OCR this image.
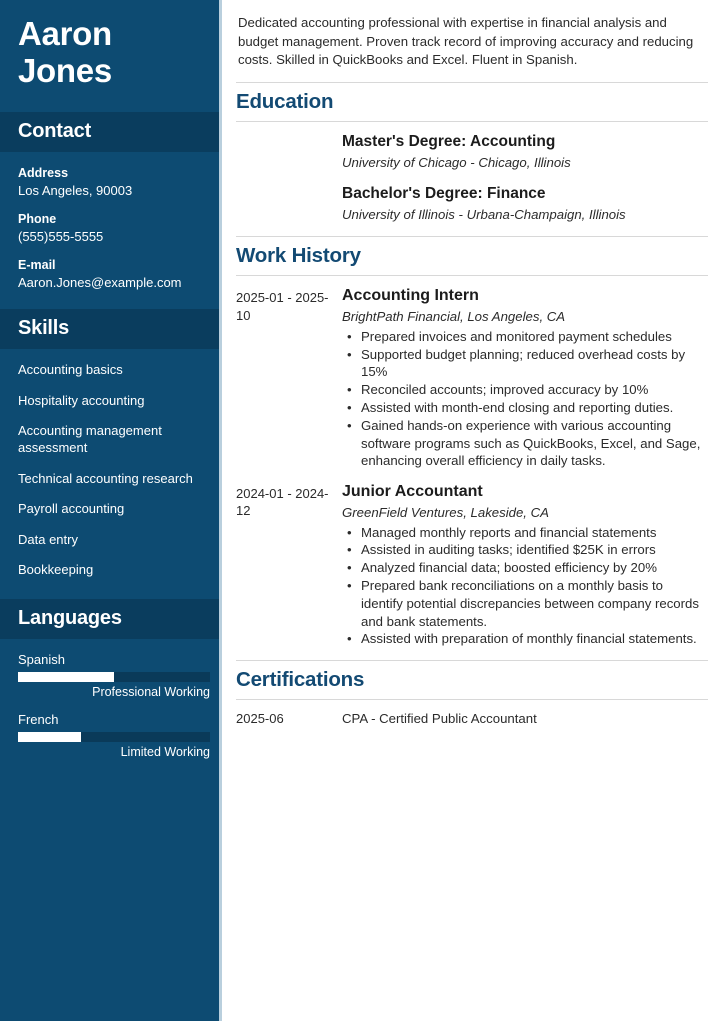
Aaron
Jones
Contact
Address
Los Angeles, 90003
Phone
(555)555-5555
E-mail
Aaron.Jones@example.com
Skills
Accounting basics
Hospitality accounting
Accounting management assessment
Technical accounting research
Payroll accounting
Data entry
Bookkeeping
Languages
Spanish
Professional Working
French
Limited Working
Dedicated accounting professional with expertise in financial analysis and budget management. Proven track record of improving accuracy and reducing costs. Skilled in QuickBooks and Excel. Fluent in Spanish.
Education
Master's Degree: Accounting
University of Chicago - Chicago, Illinois
Bachelor's Degree: Finance
University of Illinois - Urbana-Champaign, Illinois
Work History
2025-01 - 2025-10
Accounting Intern
BrightPath Financial, Los Angeles, CA
• Prepared invoices and monitored payment schedules
• Supported budget planning; reduced overhead costs by 15%
• Reconciled accounts; improved accuracy by 10%
• Assisted with month-end closing and reporting duties.
• Gained hands-on experience with various accounting software programs such as QuickBooks, Excel, and Sage, enhancing overall efficiency in daily tasks.
2024-01 - 2024-12
Junior Accountant
GreenField Ventures, Lakeside, CA
• Managed monthly reports and financial statements
• Assisted in auditing tasks; identified $25K in errors
• Analyzed financial data; boosted efficiency by 20%
• Prepared bank reconciliations on a monthly basis to identify potential discrepancies between company records and bank statements.
• Assisted with preparation of monthly financial statements.
Certifications
2025-06	CPA - Certified Public Accountant
